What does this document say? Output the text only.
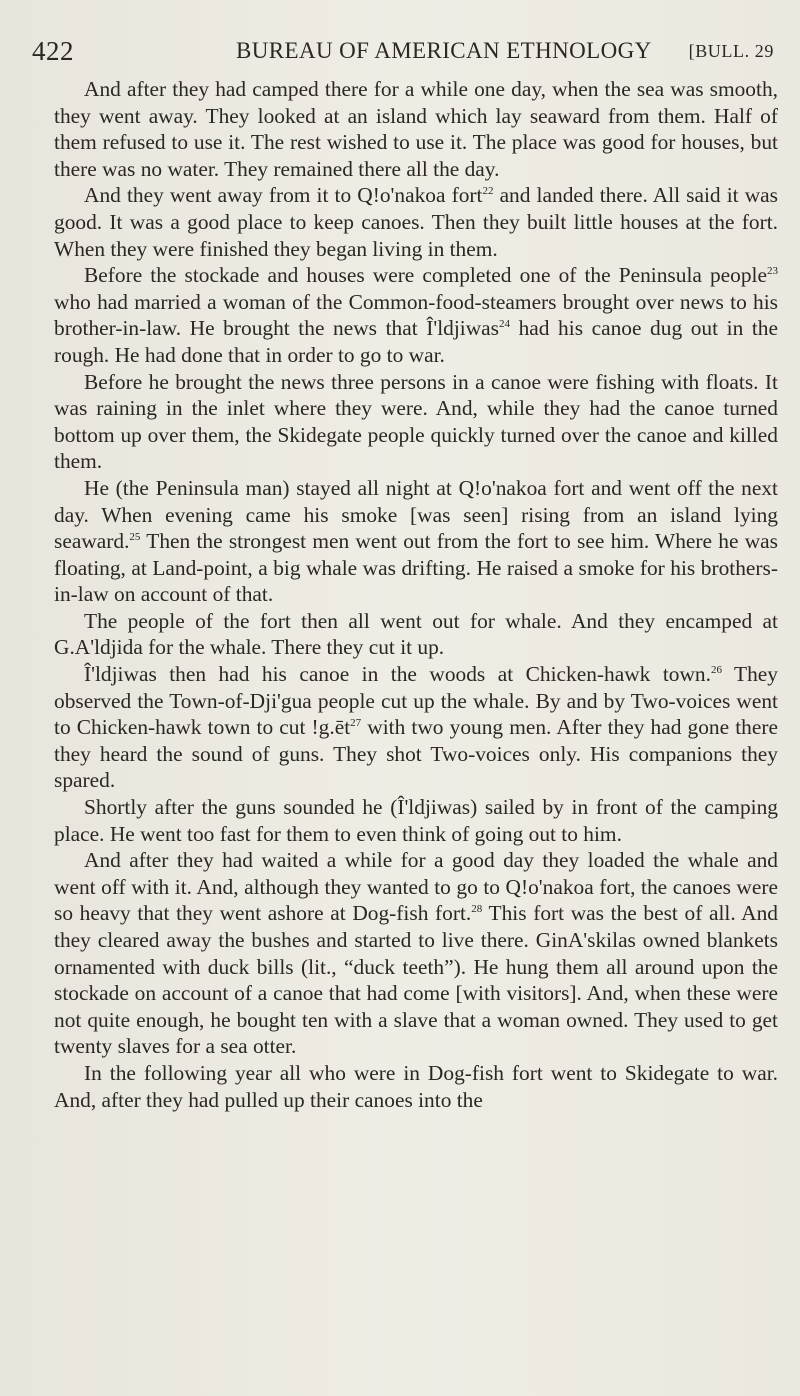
422	BUREAU OF AMERICAN ETHNOLOGY [BULL. 29

And after they had camped there for a while one day, when the sea was smooth, they went away. They looked at an island which lay seaward from them. Half of them refused to use it. The rest wished to use it. The place was good for houses, but there was no water. They remained there all the day.

And they went away from it to Q!o'nakoa fort$^{22}$ and landed there. All said it was good. It was a good place to keep canoes. Then they built little houses at the fort. When they were finished they began living in them.

Before the stockade and houses were completed one of the Peninsula people$^{23}$ who had married a woman of the Common-food-steamers brought over news to his brother-in-law. He brought the news that Î'ldjiwas$^{24}$ had his canoe dug out in the rough. He had done that in order to go to war.

Before he brought the news three persons in a canoe were fishing with floats. It was raining in the inlet where they were. And, while they had the canoe turned bottom up over them, the Skidegate people quickly turned over the canoe and killed them.

He (the Peninsula man) stayed all night at Q!o'nakoa fort and went off the next day. When evening came his smoke [was seen] rising from an island lying seaward.$^{25}$ Then the strongest men went out from the fort to see him. Where he was floating, at Land-point, a big whale was drifting. He raised a smoke for his brothers-in-law on account of that.

The people of the fort then all went out for whale. And they encamped at G.A'ldjida for the whale. There they cut it up.

Î'ldjiwas then had his canoe in the woods at Chicken-hawk town.$^{26}$ They observed the Town-of-Dji'gua people cut up the whale. By and by Two-voices went to Chicken-hawk town to cut $!g.ēt^{27}$ with two young men. After they had gone there they heard the sound of guns. They shot Two-voices only. His companions they spared.

Shortly after the guns sounded he (Î'ldjiwas) sailed by in front of the camping place. He went too fast for them to even think of going out to him.

And after they had waited a while for a good day they loaded the whale and went off with it. And, although they wanted to go to Q!o'nakoa fort, the canoes were so heavy that they went ashore at Dog-fish fort.$^{28}$ This fort was the best of all. And they cleared away the bushes and started to live there. GinA'skilas owned blankets ornamented with duck bills (lit., “duck teeth”). He hung them all around upon the stockade on account of a canoe that had come [with visitors]. And, when these were not quite enough, he bought ten with a slave that a woman owned. They used to get twenty slaves for a sea otter.

In the following year all who were in Dog-fish fort went to Skidegate to war. And, after they had pulled up their canoes into the
